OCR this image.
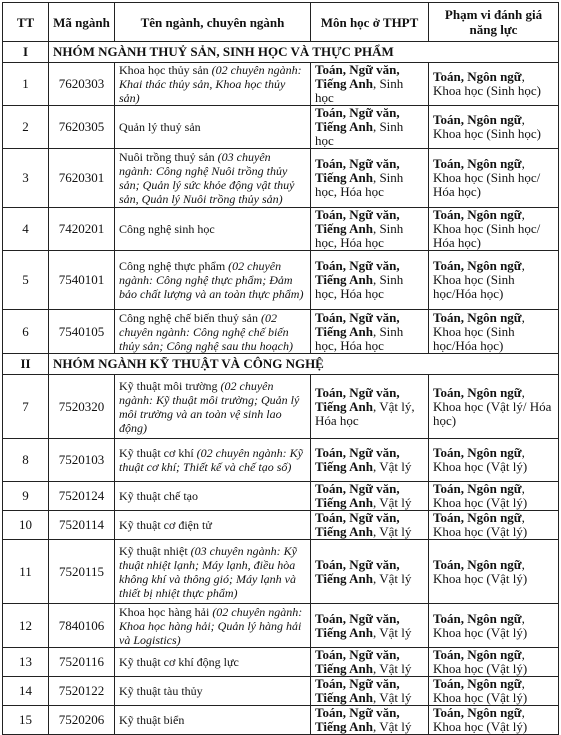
TT	Mã ngành	Tên ngành, chuyên ngành	Môn học ở THPT	Phạm vi đánh giá năng lực
I	NHÓM NGÀNH THUỶ SẢN, SINH HỌC VÀ THỰC PHẨM			
1	7620303	Khoa học thủy sản (02 chuyên ngành: Khai thác thủy sản, Khoa học thủy sản)	Toán, Ngữ văn, Tiếng Anh, Sinh học	Toán, Ngôn ngữ, Khoa học (Sinh học)
2	7620305	Quản lý thuỷ sản	Toán, Ngữ văn, Tiếng Anh, Sinh học	Toán, Ngôn ngữ, Khoa học (Sinh học)
3	7620301	Nuôi trồng thuỷ sản (03 chuyên ngành: Công nghệ Nuôi trồng thủy sản; Quản lý sức khỏe động vật thuỷ sản, Quản lý Nuôi trồng thủy sản)	Toán, Ngữ văn, Tiếng Anh, Sinh học, Hóa học	Toán, Ngôn ngữ, Khoa học (Sinh học/ Hóa học)
4	7420201	Công nghệ sinh học	Toán, Ngữ văn, Tiếng Anh, Sinh học, Hóa học	Toán, Ngôn ngữ, Khoa học (Sinh học/ Hóa học)
5	7540101	Công nghệ thực phẩm (02 chuyên ngành: Công nghệ thực phẩm; Đảm bảo chất lượng và an toàn thực phẩm)	Toán, Ngữ văn, Tiếng Anh, Sinh học, Hóa học	Toán, Ngôn ngữ, Khoa học (Sinh học/Hóa học)
6	7540105	Công nghệ chế biến thuỷ sản (02 chuyên ngành: Công nghệ chế biến thủy sản; Công nghệ sau thu hoạch)	Toán, Ngữ văn, Tiếng Anh, Sinh học, Hóa học	Toán, Ngôn ngữ, Khoa học (Sinh học/Hóa học)
II	NHÓM NGÀNH KỸ THUẬT VÀ CÔNG NGHỆ			
7	7520320	Kỹ thuật môi trường (02 chuyên ngành: Kỹ thuật môi trường; Quản lý môi trường và an toàn vệ sinh lao động)	Toán, Ngữ văn, Tiếng Anh, Vật lý, Hóa học	Toán, Ngôn ngữ, Khoa học (Vật lý/ Hóa học)
8	7520103	Kỹ thuật cơ khí (02 chuyên ngành: Kỹ thuật cơ khí; Thiết kế và chế tạo số)	Toán, Ngữ văn, Tiếng Anh, Vật lý	Toán, Ngôn ngữ, Khoa học (Vật lý)
9	7520124	Kỹ thuật chế tạo	Toán, Ngữ văn, Tiếng Anh, Vật lý	Toán, Ngôn ngữ, Khoa học (Vật lý)
10	7520114	Kỹ thuật cơ điện tử	Toán, Ngữ văn, Tiếng Anh, Vật lý	Toán, Ngôn ngữ, Khoa học (Vật lý)
11	7520115	Kỹ thuật nhiệt (03 chuyên ngành: Kỹ thuật nhiệt lạnh; Máy lạnh, điều hòa không khí và thông gió; Máy lạnh và thiết bị nhiệt thực phẩm)	Toán, Ngữ văn, Tiếng Anh, Vật lý	Toán, Ngôn ngữ, Khoa học (Vật lý)
12	7840106	Khoa học hàng hải (02 chuyên ngành: Khoa học hàng hải; Quản lý hàng hải và Logistics)	Toán, Ngữ văn, Tiếng Anh, Vật lý	Toán, Ngôn ngữ, Khoa học (Vật lý)
13	7520116	Kỹ thuật cơ khí động lực	Toán, Ngữ văn, Tiếng Anh, Vật lý	Toán, Ngôn ngữ, Khoa học (Vật lý)
14	7520122	Kỹ thuật tàu thủy	Toán, Ngữ văn, Tiếng Anh, Vật lý	Toán, Ngôn ngữ, Khoa học (Vật lý)
15	7520206	Kỹ thuật biển	Toán, Ngữ văn, Tiếng Anh, Vật lý	Toán, Ngôn ngữ, Khoa học (Vật lý)
